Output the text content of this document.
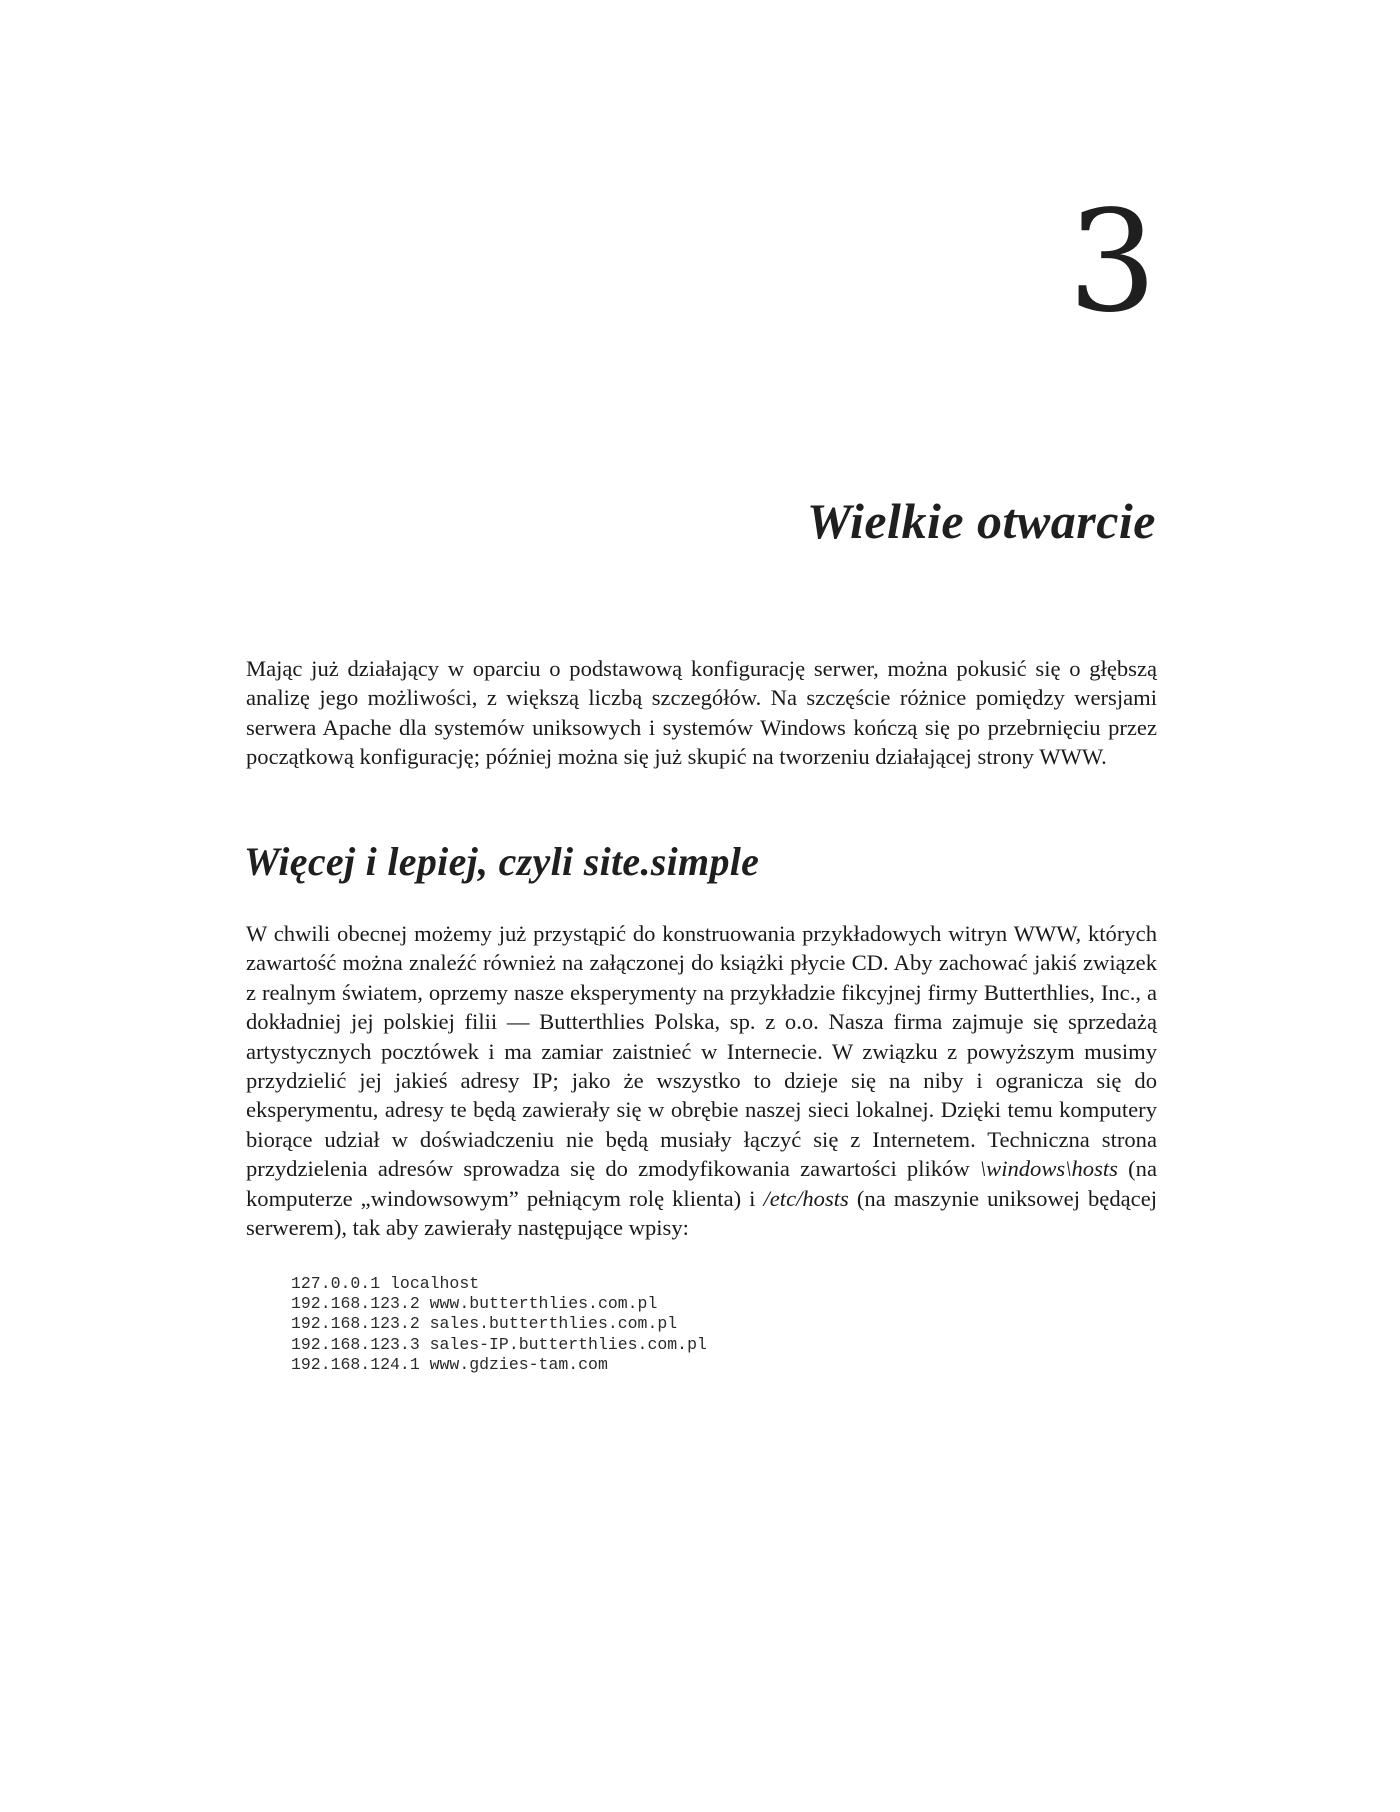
3
Wielkie otwarcie

Mając już działający w oparciu o podstawową konfigurację serwer, można pokusić się o głębszą analizę jego możliwości, z większą liczbą szczegółów. Na szczęście różnice pomiędzy wersjami serwera Apache dla systemów uniksowych i systemów Windows kończą się po przebrnięciu przez początkową konfigurację; później można się już skupić na tworzeniu działającej strony WWW.

Więcej i lepiej, czyli site.simple

W chwili obecnej możemy już przystąpić do konstruowania przykładowych witryn WWW, których zawartość można znaleźć również na załączonej do książki płycie CD. Aby zachować jakiś związek z realnym światem, oprzemy nasze eksperymenty na przykładzie fikcyjnej firmy Butterthlies, Inc., a dokładniej jej polskiej filii — Butterthlies Polska, sp. z o.o. Nasza firma zajmuje się sprzedażą artystycznych pocztówek i ma zamiar zaistnieć w Internecie. W związku z powyższym musimy przydzielić jej jakieś adresy IP; jako że wszystko to dzieje się na niby i ogranicza się do eksperymentu, adresy te będą zawierały się w obrębie naszej sieci lokalnej. Dzięki temu komputery biorące udział w doświadczeniu nie będą musiały łączyć się z Internetem. Techniczna strona przydzielenia adresów sprowadza się do zmodyfikowania zawartości plików \windows\hosts (na komputerze „windowsowym” pełniącym rolę klienta) i /etc/hosts (na maszynie uniksowej będącej serwerem), tak aby zawierały następujące wpisy:

127.0.0.1 localhost
192.168.123.2 www.butterthlies.com.pl
192.168.123.2 sales.butterthlies.com.pl
192.168.123.3 sales-IP.butterthlies.com.pl
192.168.124.1 www.gdzies-tam.com
